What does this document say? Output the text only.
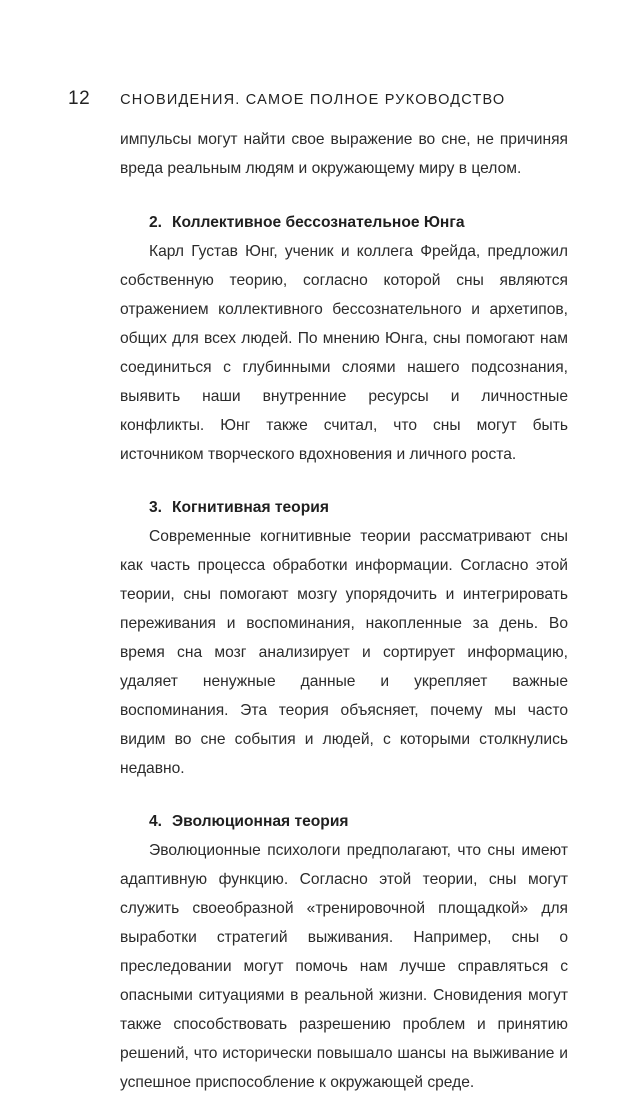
12 СНОВИДЕНИЯ. САМОЕ ПОЛНОЕ РУКОВОДСТВО

импульсы могут найти свое выражение во сне, не причиняя вреда реальным людям и окружающему миру в целом.

2. Коллективное бессознательное Юнга

Карл Густав Юнг, ученик и коллега Фрейда, предложил собственную теорию, согласно которой сны являются отражением коллективного бессознательного и архетипов, общих для всех людей. По мнению Юнга, сны помогают нам соединиться с глубинными слоями нашего подсознания, выявить наши внутренние ресурсы и личностные конфликты. Юнг также считал, что сны могут быть источником творческого вдохновения и личного роста.

3. Когнитивная теория

Современные когнитивные теории рассматривают сны как часть процесса обработки информации. Согласно этой теории, сны помогают мозгу упорядочить и интегрировать переживания и воспоминания, накопленные за день. Во время сна мозг анализирует и сортирует информацию, удаляет ненужные данные и укрепляет важные воспоминания. Эта теория объясняет, почему мы часто видим во сне события и людей, с которыми столкнулись недавно.

4. Эволюционная теория

Эволюционные психологи предполагают, что сны имеют адаптивную функцию. Согласно этой теории, сны могут служить своеобразной «тренировочной площадкой» для выработки стратегий выживания. Например, сны о преследовании могут помочь нам лучше справляться с опасными ситуациями в реальной жизни. Сновидения могут также способствовать разрешению проблем и принятию решений, что исторически повышало шансы на выживание и успешное приспособление к окружающей среде.
